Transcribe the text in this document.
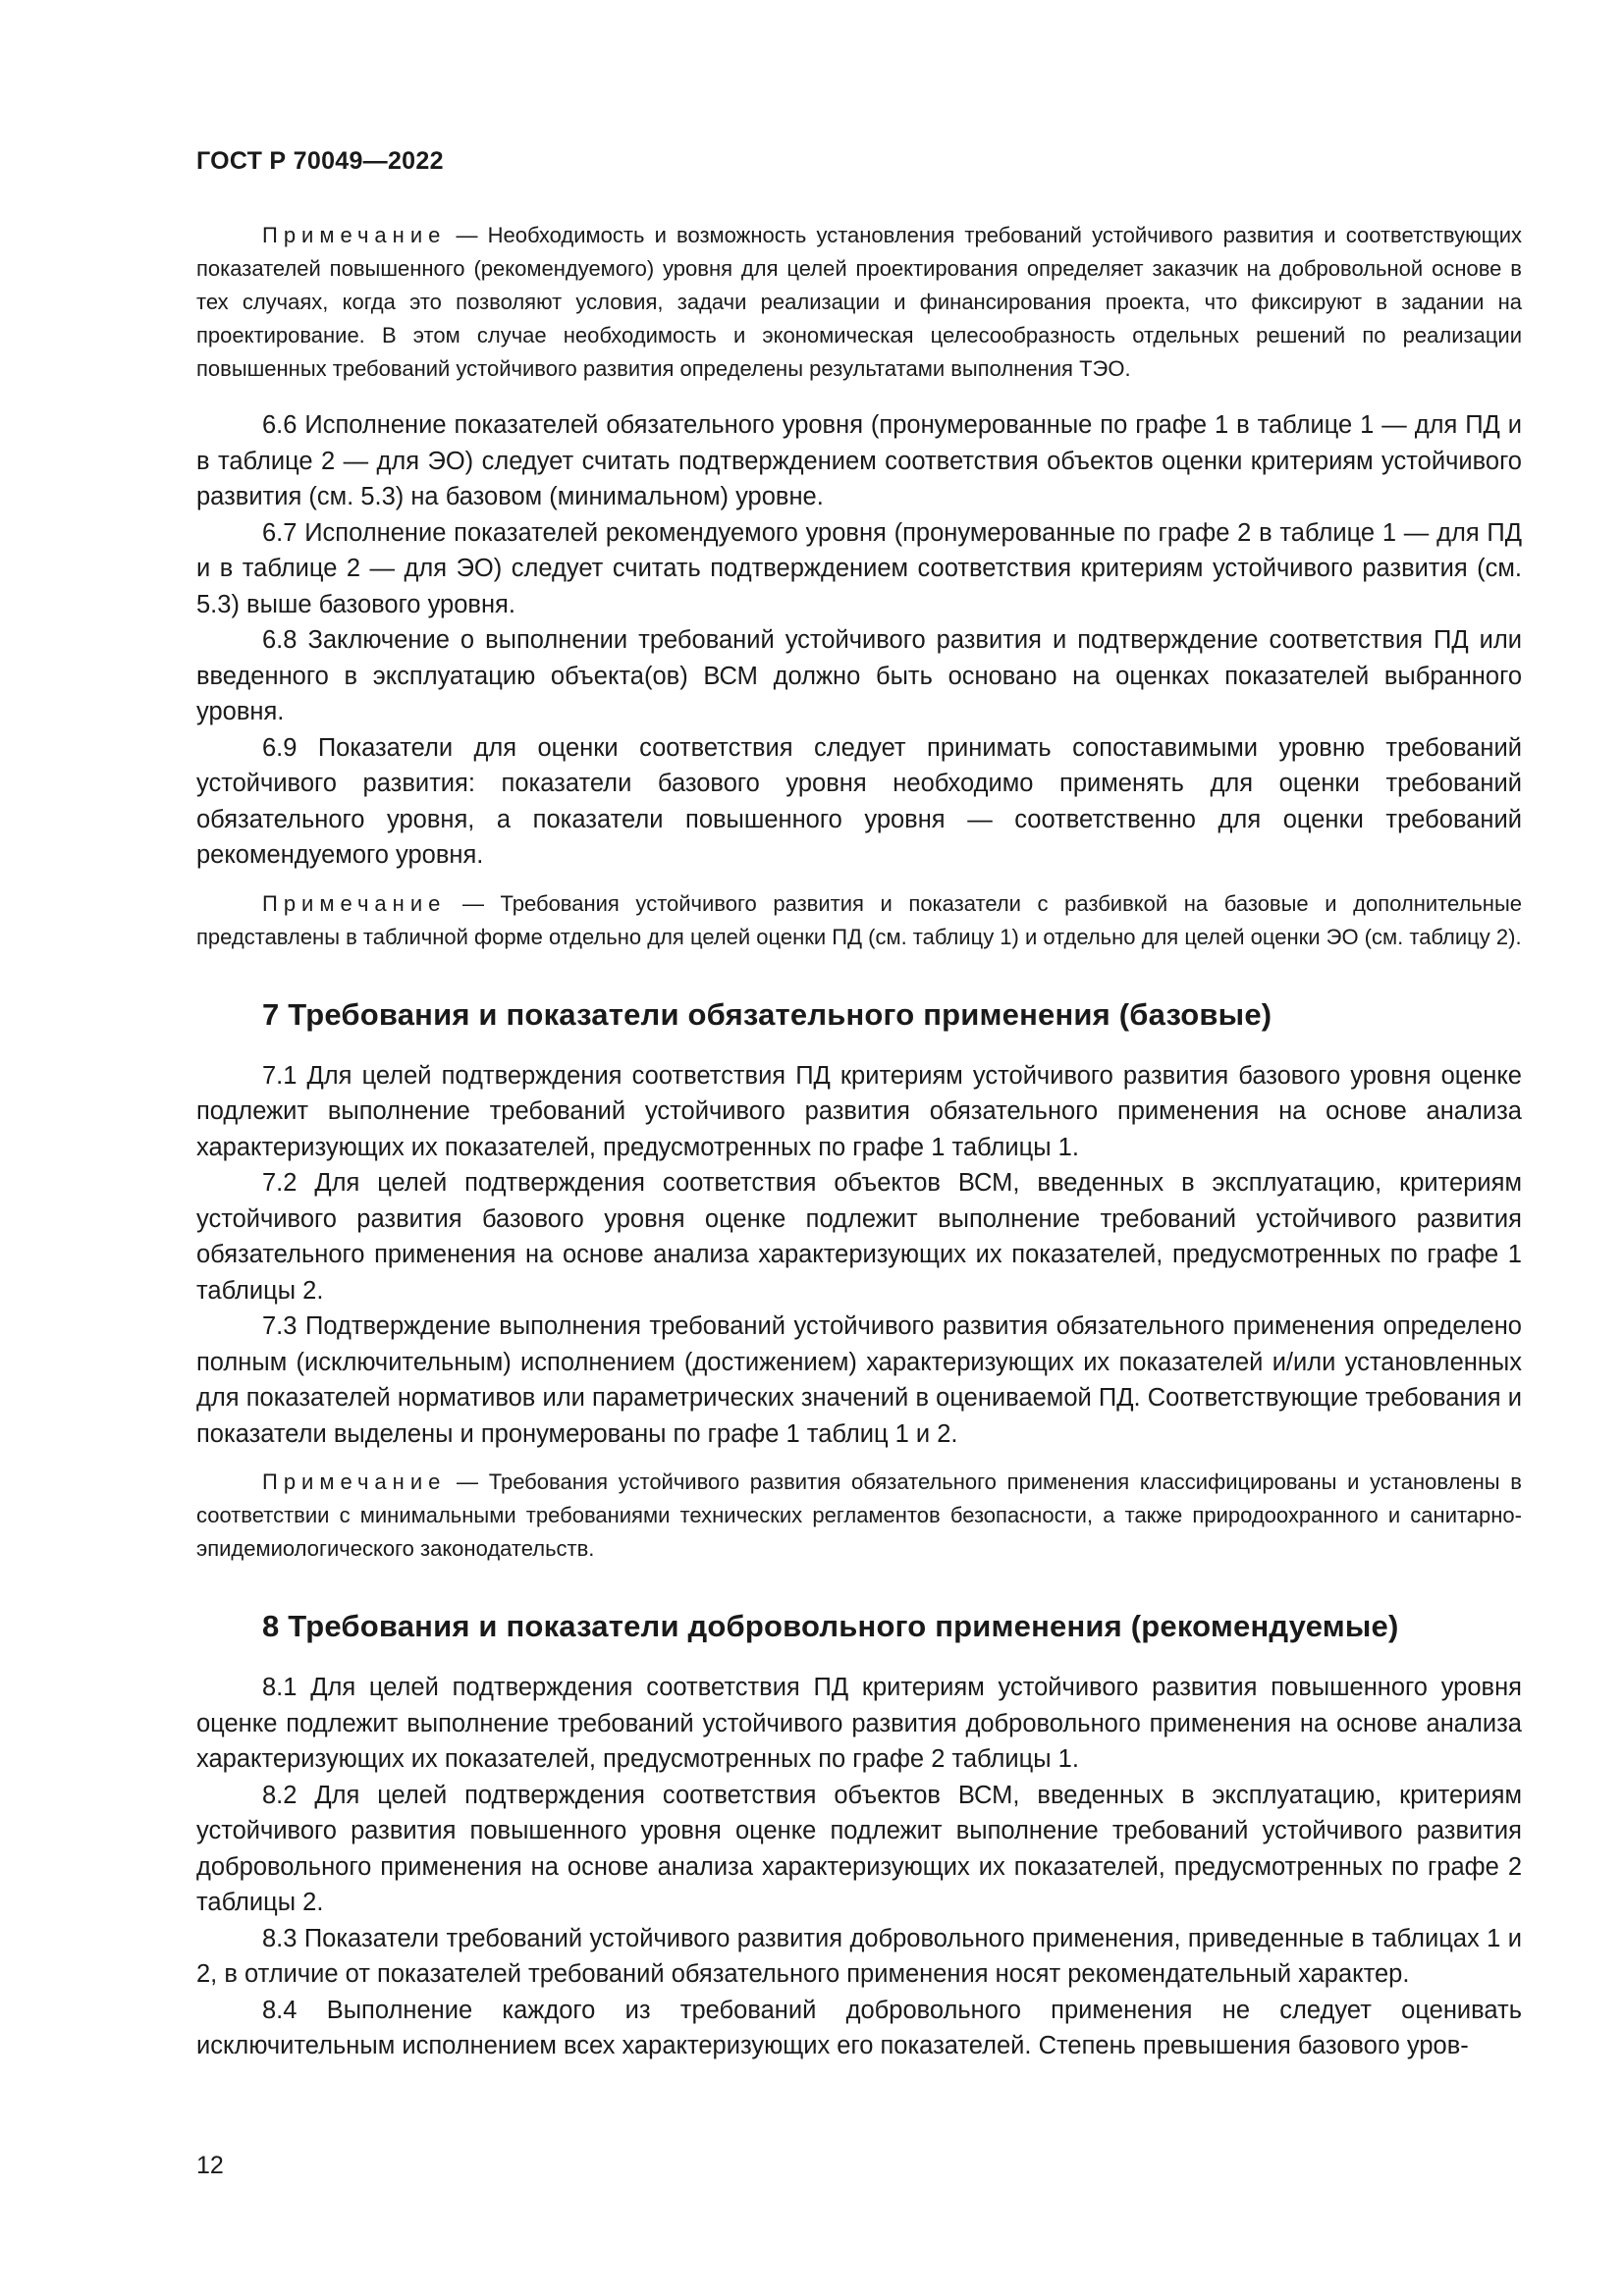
ГОСТ Р 70049—2022

Примечание — Необходимость и возможность установления требований устойчивого развития и соответствующих показателей повышенного (рекомендуемого) уровня для целей проектирования определяет заказчик на добровольной основе в тех случаях, когда это позволяют условия, задачи реализации и финансирования проекта, что фиксируют в задании на проектирование. В этом случае необходимость и экономическая целесообразность отдельных решений по реализации повышенных требований устойчивого развития определены результатами выполнения ТЭО.

6.6 Исполнение показателей обязательного уровня (пронумерованные по графе 1 в таблице 1 — для ПД и в таблице 2 — для ЭО) следует считать подтверждением соответствия объектов оценки критериям устойчивого развития (см. 5.3) на базовом (минимальном) уровне.

6.7 Исполнение показателей рекомендуемого уровня (пронумерованные по графе 2 в таблице 1 — для ПД и в таблице 2 — для ЭО) следует считать подтверждением соответствия критериям устойчивого развития (см. 5.3) выше базового уровня.

6.8 Заключение о выполнении требований устойчивого развития и подтверждение соответствия ПД или введенного в эксплуатацию объекта(ов) ВСМ должно быть основано на оценках показателей выбранного уровня.

6.9 Показатели для оценки соответствия следует принимать сопоставимыми уровню требований устойчивого развития: показатели базового уровня необходимо применять для оценки требований обязательного уровня, а показатели повышенного уровня — соответственно для оценки требований рекомендуемого уровня.

Примечание — Требования устойчивого развития и показатели с разбивкой на базовые и дополнительные представлены в табличной форме отдельно для целей оценки ПД (см. таблицу 1) и отдельно для целей оценки ЭО (см. таблицу 2).

7 Требования и показатели обязательного применения (базовые)

7.1 Для целей подтверждения соответствия ПД критериям устойчивого развития базового уровня оценке подлежит выполнение требований устойчивого развития обязательного применения на основе анализа характеризующих их показателей, предусмотренных по графе 1 таблицы 1.

7.2 Для целей подтверждения соответствия объектов ВСМ, введенных в эксплуатацию, критериям устойчивого развития базового уровня оценке подлежит выполнение требований устойчивого развития обязательного применения на основе анализа характеризующих их показателей, предусмотренных по графе 1 таблицы 2.

7.3 Подтверждение выполнения требований устойчивого развития обязательного применения определено полным (исключительным) исполнением (достижением) характеризующих их показателей и/или установленных для показателей нормативов или параметрических значений в оцениваемой ПД. Соответствующие требования и показатели выделены и пронумерованы по графе 1 таблиц 1 и 2.

Примечание — Требования устойчивого развития обязательного применения классифицированы и установлены в соответствии с минимальными требованиями технических регламентов безопасности, а также природоохранного и санитарно-эпидемиологического законодательств.

8 Требования и показатели добровольного применения (рекомендуемые)

8.1 Для целей подтверждения соответствия ПД критериям устойчивого развития повышенного уровня оценке подлежит выполнение требований устойчивого развития добровольного применения на основе анализа характеризующих их показателей, предусмотренных по графе 2 таблицы 1.

8.2 Для целей подтверждения соответствия объектов ВСМ, введенных в эксплуатацию, критериям устойчивого развития повышенного уровня оценке подлежит выполнение требований устойчивого развития добровольного применения на основе анализа характеризующих их показателей, предусмотренных по графе 2 таблицы 2.

8.3 Показатели требований устойчивого развития добровольного применения, приведенные в таблицах 1 и 2, в отличие от показателей требований обязательного применения носят рекомендательный характер.

8.4 Выполнение каждого из требований добровольного применения не следует оценивать исключительным исполнением всех характеризующих его показателей. Степень превышения базового уров-

12
